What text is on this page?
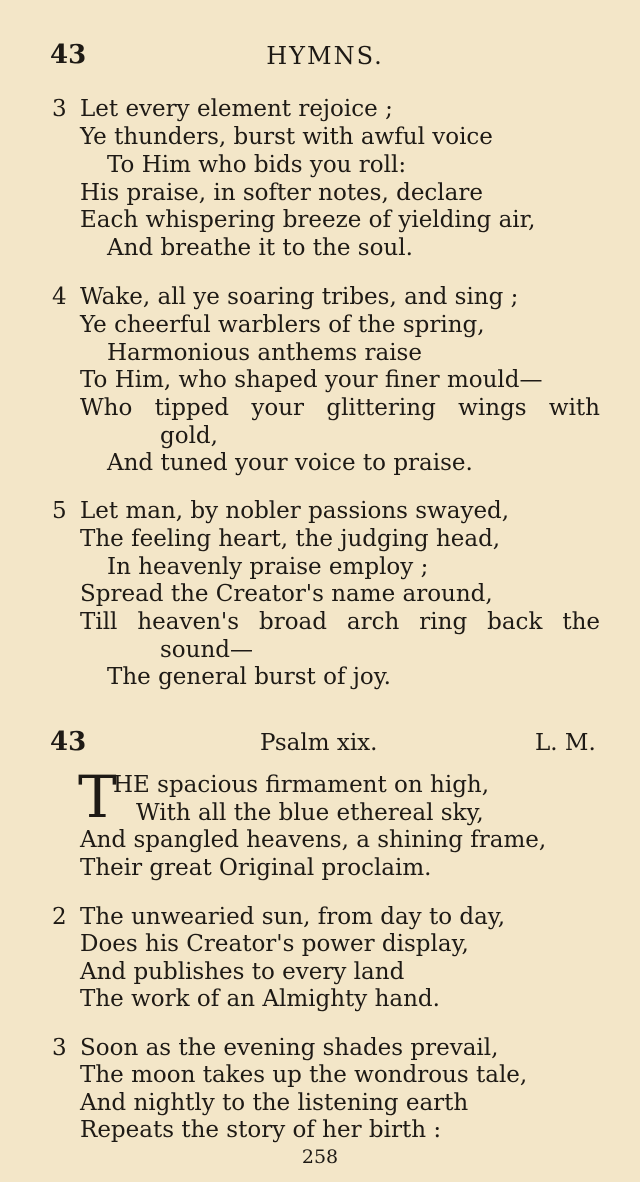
43	HYMNS.
3 Let every element rejoice ;
Ye thunders, burst with awful voice
To Him who bids you roll:
His praise, in softer notes, declare
Each whispering breeze of yielding air,
And breathe it to the soul.
4 Wake, all ye soaring tribes, and sing ;
Ye cheerful warblers of the spring,
Harmonious anthems raise
To Him, who shaped your finer mould—
Who tipped your glittering wings with
gold,
And tuned your voice to praise.
5 Let man, by nobler passions swayed,
The feeling heart, the judging head,
In heavenly praise employ ;
Spread the Creator's name around,
Till heaven's broad arch ring back the
sound—
The general burst of joy.
43	Psalm xix.	L. M.
T
HE spacious firmament on high,
With all the blue ethereal sky,
And spangled heavens, a shining frame,
Their great Original proclaim.
2 The unwearied sun, from day to day,
Does his Creator's power display,
And publishes to every land
The work of an Almighty hand.
3 Soon as the evening shades prevail,
The moon takes up the wondrous tale,
And nightly to the listening earth
Repeats the story of her birth :
258
